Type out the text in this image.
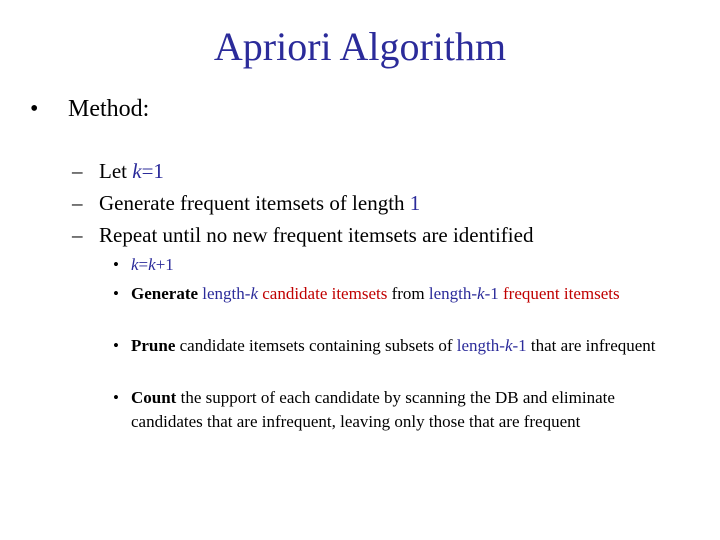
Apriori Algorithm
• Method:
– Let k=1
– Generate frequent itemsets of length 1
– Repeat until no new frequent itemsets are identified
• k=k+1
• Generate length-k candidate itemsets from length-k-1 frequent itemsets
• Prune candidate itemsets containing subsets of length-k-1 that are infrequent
• Count the support of each candidate by scanning the DB and eliminate candidates that are infrequent, leaving only those that are frequent
